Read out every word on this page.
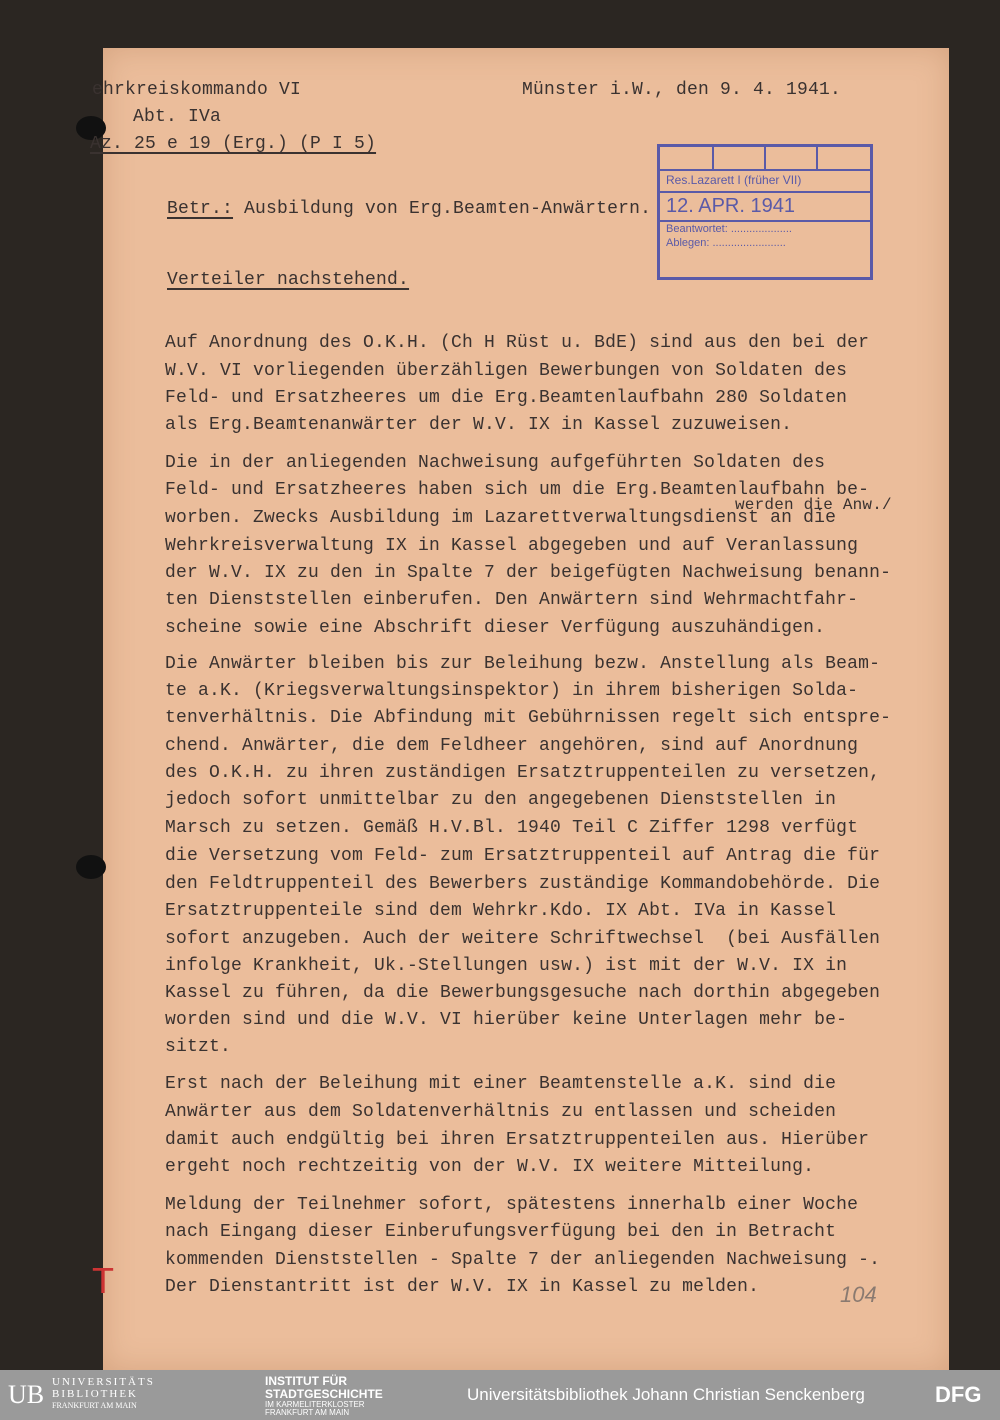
ehrkreiskommando VI
Abt. IVa
Az. 25 e 19 (Erg.) (P I 5)
Münster i.W., den 9. 4. 1941.
Betr.: Ausbildung von Erg.Beamten-Anwärtern.
Verteiler nachstehend.
Res.Lazarett I (früher VII)
12. APR. 1941
Beantwortet: ....................
Ablegen: ........................
Auf Anordnung des O.K.H. (Ch H Rüst u. BdE) sind aus den bei der
W.V. VI vorliegenden überzähligen Bewerbungen von Soldaten des
Feld- und Ersatzheeres um die Erg.Beamtenlaufbahn 280 Soldaten
als Erg.Beamtenanwärter der W.V. IX in Kassel zuzuweisen.
Die in der anliegenden Nachweisung aufgeführten Soldaten des
Feld- und Ersatzheeres haben sich um die Erg.Beamtenlaufbahn be-
worben. Zwecks Ausbildung im Lazarettverwaltungsdienst an die
Wehrkreisverwaltung IX in Kassel abgegeben und auf Veranlassung
der W.V. IX zu den in Spalte 7 der beigefügten Nachweisung benann-
ten Dienststellen einberufen. Den Anwärtern sind Wehrmachtfahr-
scheine sowie eine Abschrift dieser Verfügung auszuhändigen.
Die Anwärter bleiben bis zur Beleihung bezw. Anstellung als Beam-
te a.K. (Kriegsverwaltungsinspektor) in ihrem bisherigen Solda-
tenverhältnis. Die Abfindung mit Gebührnissen regelt sich entspre-
chend. Anwärter, die dem Feldheer angehören, sind auf Anordnung
des O.K.H. zu ihren zuständigen Ersatztruppenteilen zu versetzen,
jedoch sofort unmittelbar zu den angegebenen Dienststellen in
Marsch zu setzen. Gemäß H.V.Bl. 1940 Teil C Ziffer 1298 verfügt
die Versetzung vom Feld- zum Ersatztruppenteil auf Antrag die für
den Feldtruppenteil des Bewerbers zuständige Kommandobehörde. Die
Ersatztruppenteile sind dem Wehrkr.Kdo. IX Abt. IVa in Kassel
sofort anzugeben. Auch der weitere Schriftwechsel  (bei Ausfällen
infolge Krankheit, Uk.-Stellungen usw.) ist mit der W.V. IX in
Kassel zu führen, da die Bewerbungsgesuche nach dorthin abgegeben
worden sind und die W.V. VI hierüber keine Unterlagen mehr be-
sitzt.
Erst nach der Beleihung mit einer Beamtenstelle a.K. sind die
Anwärter aus dem Soldatenverhältnis zu entlassen und scheiden
damit auch endgültig bei ihren Ersatztruppenteilen aus. Hierüber
ergeht noch rechtzeitig von der W.V. IX weitere Mitteilung.
Meldung der Teilnehmer sofort, spätestens innerhalb einer Woche
nach Eingang dieser Einberufungsverfügung bei den in Betracht
kommenden Dienststellen - Spalte 7 der anliegenden Nachweisung -.
Der Dienstantritt ist der W.V. IX in Kassel zu melden.
werden die Anw./
104
T
UB UNIVERSITÄTS
BIBLIOTHEK
FRANKFURT AM MAIN
INSTITUT FÜR
STADTGESCHICHTE
IM KARMELITERKLOSTER
FRANKFURT AM MAIN
Universitätsbibliothek Johann Christian Senckenberg	DFG
